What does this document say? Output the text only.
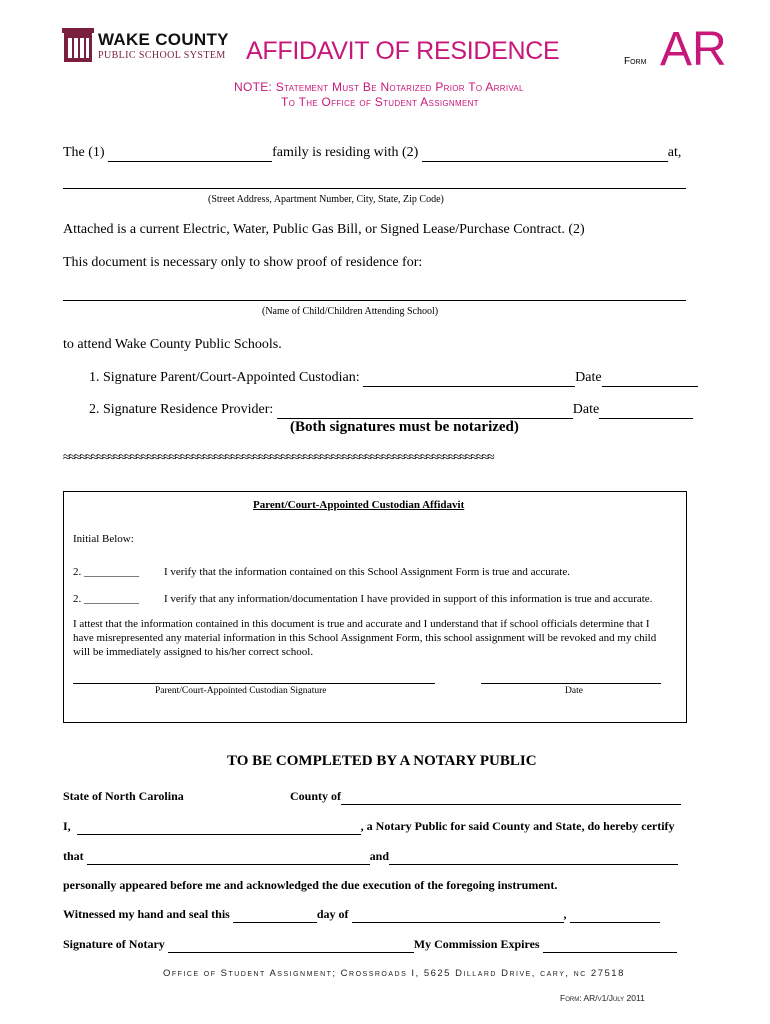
WAKE COUNTY
PUBLIC SCHOOL SYSTEM AFFIDAVIT OF RESIDENCE	Form AR
NOTE: Statement Must Be Notarized Prior To Arrival
To The Office of Student Assignment
The (1)	family is residing with (2)	at,
(Street Address, Apartment Number, City, State, Zip Code)
Attached is a current Electric, Water, Public Gas Bill, or Signed Lease/Purchase Contract. (2)
This document is necessary only to show proof of residence for:
(Name of Child/Children Attending School)
to attend Wake County Public Schools.
1. Signature Parent/Court-Appointed Custodian:	Date
2. Signature Residence Provider:	Date
(Both signatures must be notarized)
≈≈≈≈≈≈≈≈≈≈≈≈≈≈≈≈≈≈≈≈≈≈≈≈≈≈≈≈≈≈≈≈≈≈≈≈≈≈≈≈≈≈≈≈≈≈≈≈≈≈≈≈≈≈≈≈≈≈≈≈≈≈≈≈≈≈≈≈≈≈≈≈≈≈≈≈≈
Parent/Court-Appointed Custodian Affidavit
Initial Below:
2. __________ I verify that the information contained on this School Assignment Form is true and accurate.
2. __________ I verify that any information/documentation I have provided in support of this information is true and accurate.
I attest that the information contained in this document is true and accurate and I understand that if school officials determine that I
have misrepresented any material information in this School Assignment Form, this school assignment will be revoked and my child
will be immediately assigned to his/her correct school.
Parent/Court-Appointed Custodian Signature	Date
TO BE COMPLETED BY A NOTARY PUBLIC
State of North Carolina	County of
I,	, a Notary Public for said County and State, do hereby certify
that	and
personally appeared before me and acknowledged the due execution of the foregoing instrument.
Witnessed my hand and seal this	day of	,
Signature of Notary	My Commission Expires
Office of Student Assignment; Crossroads I, 5625 Dillard Drive, cary, nc 27518
Form: AR/v1/July 2011
